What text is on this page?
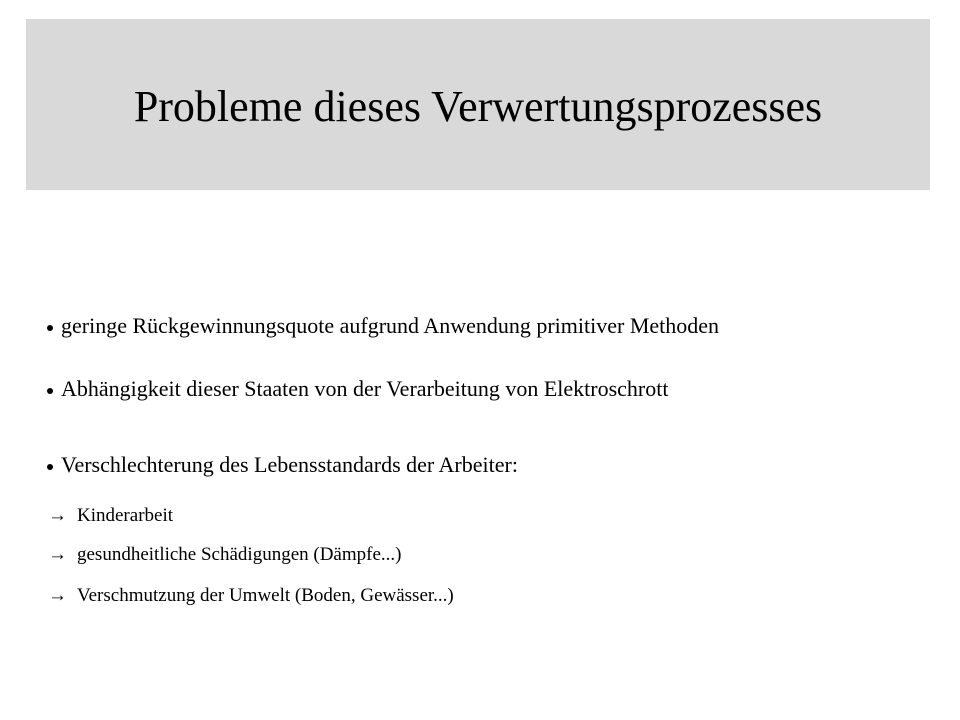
Probleme dieses Verwertungsprozesses
geringe Rückgewinnungsquote aufgrund Anwendung primitiver Methoden
Abhängigkeit dieser Staaten von der Verarbeitung von Elektroschrott
Verschlechterung des Lebensstandards der Arbeiter:
→ Kinderarbeit
→ gesundheitliche Schädigungen (Dämpfe...)
→ Verschmutzung der Umwelt (Boden, Gewässer...)
